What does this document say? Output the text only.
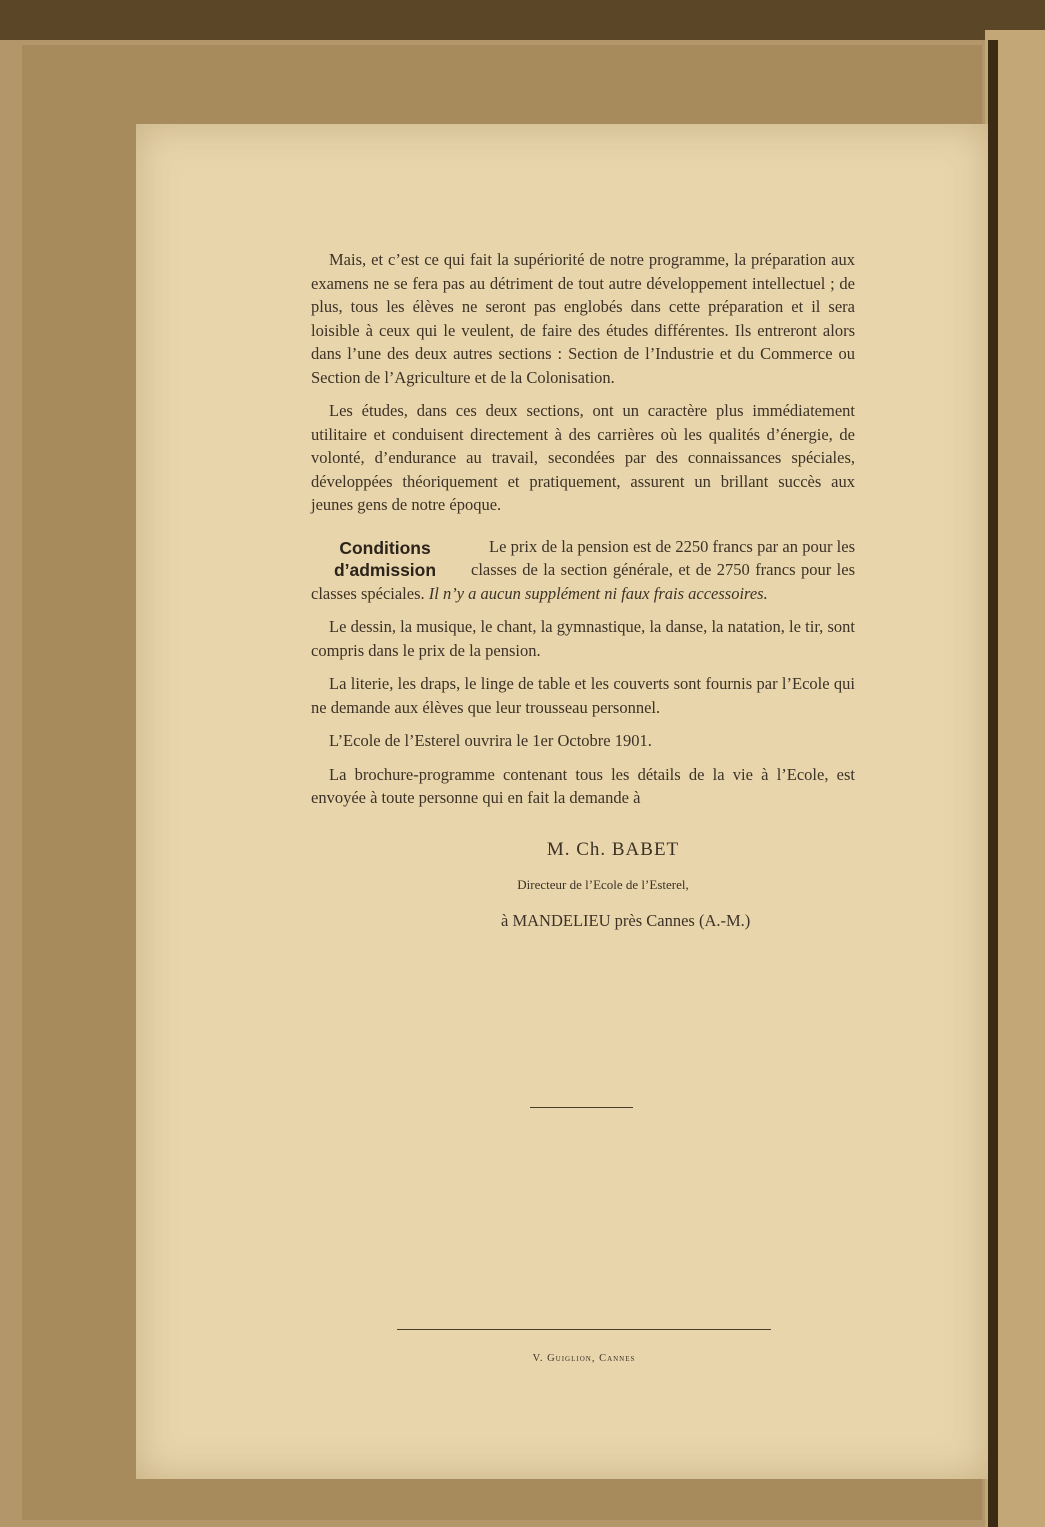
Mais, et c’est ce qui fait la supériorité de notre programme, la préparation aux examens ne se fera pas au détriment de tout autre développement intellectuel ; de plus, tous les élèves ne seront pas englobés dans cette préparation et il sera loisible à ceux qui le veulent, de faire des études différentes. Ils entreront alors dans l’une des deux autres sections : Section de l’Industrie et du Commerce ou Section de l’Agriculture et de la Colonisation.

Les études, dans ces deux sections, ont un caractère plus immédiatement utilitaire et conduisent directement à des carrières où les qualités d’énergie, de volonté, d’endurance au travail, secondées par des connaissances spéciales, développées théoriquement et pratiquement, assurent un brillant succès aux jeunes gens de notre époque.

Conditions
d’admission

Le prix de la pension est de 2250 francs par an pour les classes de la section générale, et de 2750 francs pour les classes spéciales. Il n’y a aucun supplément ni faux frais accessoires.

Le dessin, la musique, le chant, la gymnastique, la danse, la natation, le tir, sont compris dans le prix de la pension.

La literie, les draps, le linge de table et les couverts sont fournis par l’Ecole qui ne demande aux élèves que leur trousseau personnel.

L’Ecole de l’Esterel ouvrira le 1er Octobre 1901.

La brochure-programme contenant tous les détails de la vie à l’Ecole, est envoyée à toute personne qui en fait la demande à

M. Ch. BABET
Directeur de l’Ecole de l’Esterel,
à MANDELIEU près Cannes (A.-M.)
V. Guiglion, Cannes
